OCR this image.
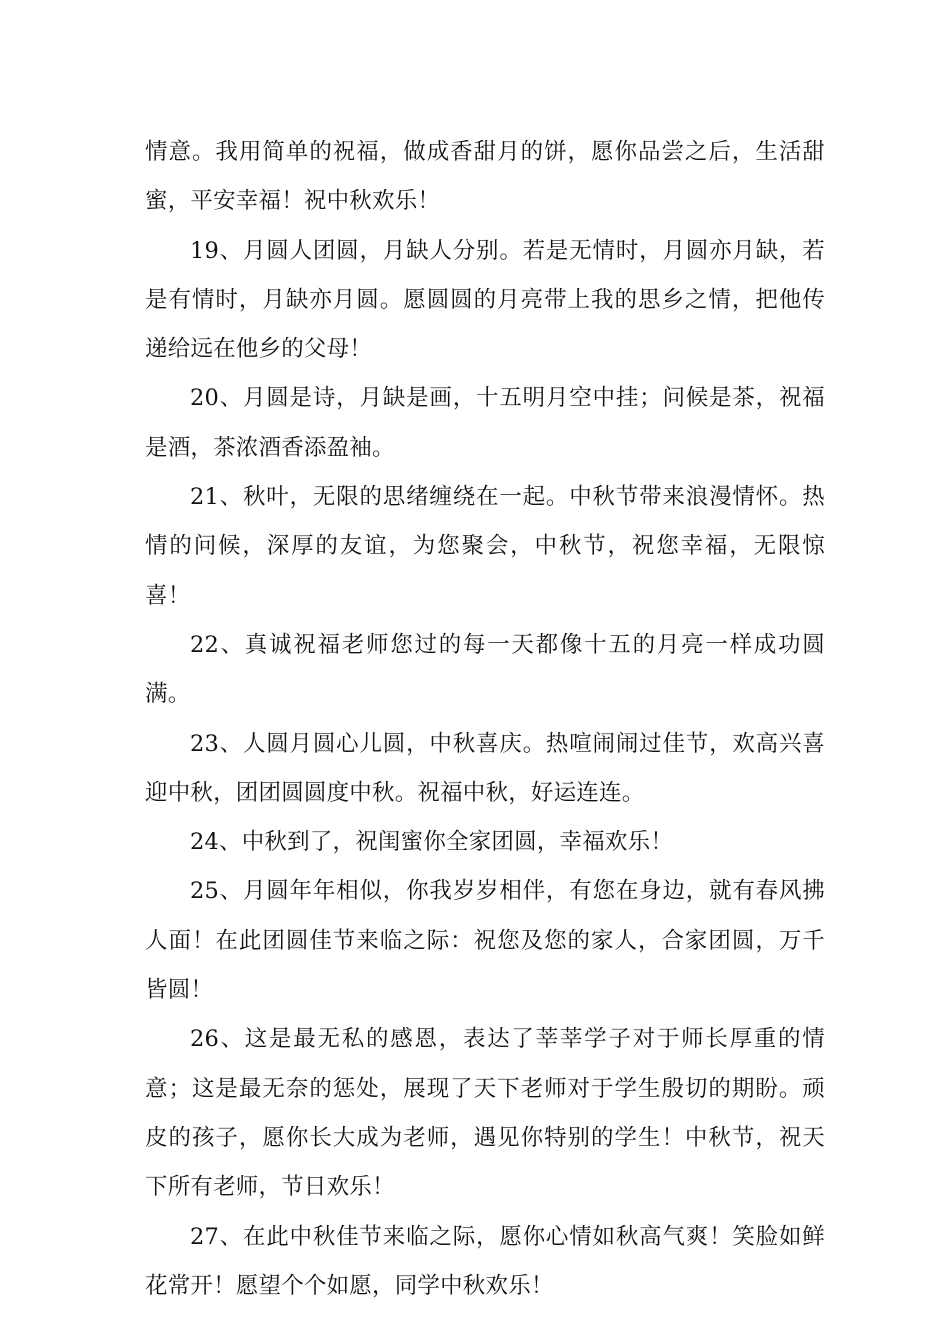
情意。我用简单的祝福，做成香甜月的饼，愿你品尝之后，生活甜蜜，平安幸福！祝中秋欢乐！

19、月圆人团圆，月缺人分别。若是无情时，月圆亦月缺，若是有情时，月缺亦月圆。愿圆圆的月亮带上我的思乡之情，把他传递给远在他乡的父母！

20、月圆是诗，月缺是画，十五明月空中挂；问候是茶，祝福是酒，茶浓酒香添盈袖。

21、秋叶，无限的思绪缠绕在一起。中秋节带来浪漫情怀。热情的问候，深厚的友谊，为您聚会，中秋节，祝您幸福，无限惊喜！

22、真诚祝福老师您过的每一天都像十五的月亮一样成功圆满。

23、人圆月圆心儿圆，中秋喜庆。热喧闹闹过佳节，欢高兴喜迎中秋，团团圆圆度中秋。祝福中秋，好运连连。

24、中秋到了，祝闺蜜你全家团圆，幸福欢乐！

25、月圆年年相似，你我岁岁相伴，有您在身边，就有春风拂人面！在此团圆佳节来临之际：祝您及您的家人，合家团圆，万千皆圆！

26、这是最无私的感恩，表达了莘莘学子对于师长厚重的情意；这是最无奈的惩处，展现了天下老师对于学生殷切的期盼。顽皮的孩子，愿你长大成为老师，遇见你特别的学生！中秋节，祝天下所有老师，节日欢乐！

27、在此中秋佳节来临之际，愿你心情如秋高气爽！笑脸如鲜花常开！愿望个个如愿，同学中秋欢乐！
